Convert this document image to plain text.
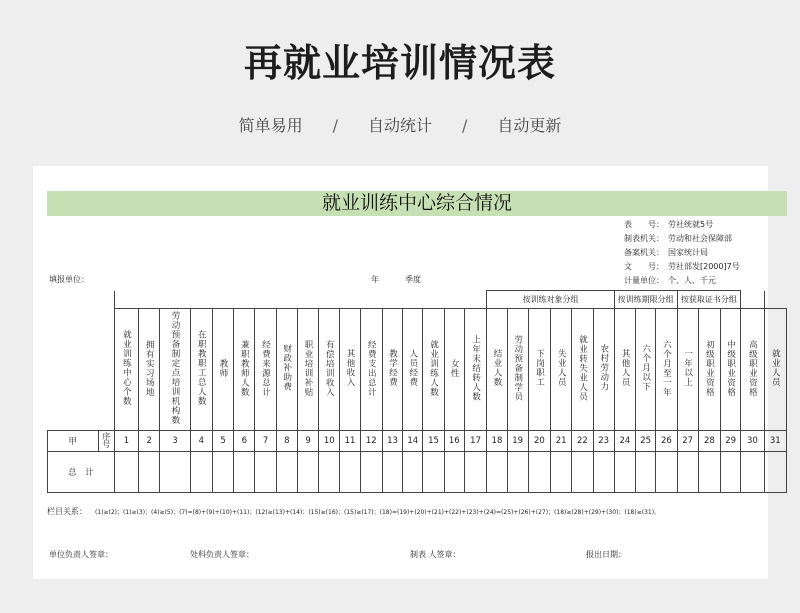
再就业培训情况表
简单易用 / 自动统计 / 自动更新
就业训练中心综合情况
表　　号： 劳社统就5号
制表机关： 劳动和社会保障部
备案机关： 国家统计局
文　　号： 劳社部发[2000]7号
计量单位： 个、人、千元
填报单位：	年	季度
																			按训练对象分组						按训练期限分组			按获取证书分组				
		就业训练中心个数	拥有实习场地	劳动预备制定点培训机构数	在职教职工总人数	教师	兼职教师人数	经费来源总计	财政补助费	职业培训补贴	有偿培训收入	其他收入	经费支出总计	教学经费	人员经费	就业训练人数	女性	上年末结转人数	结业人数	劳动预备制学员	下岗职工	失业人员	就业转失业人员	农村劳动力	其他人员	六个月以下	六个月至一年	一年以上	初级职业资格	中级职业资格	高级职业资格	就业人员
甲	序号	1	2	3	4	5	6	7	8	9	10	11	12	13	14	15	16	17	18	19	20	21	22	23	24	25	26	27	28	29	30	31
总　计																																
栏目关系： (1)≥(2)；(1)≥(3)；(4)≥(5)；(7)=(8)+(9)+(10)+(11)；(12)≥(13)+(14)；(15)≥(16)；(15)≥(17)；(18)=(19)+(20)+(21)+(22)+(23)+(24)=(25)+(26)+(27)；(18)≥(28)+(29)+(30)；(18)≥(31)。
单位负责人签章：	处科负责人签章：	制表 人签章：	报出日期：
